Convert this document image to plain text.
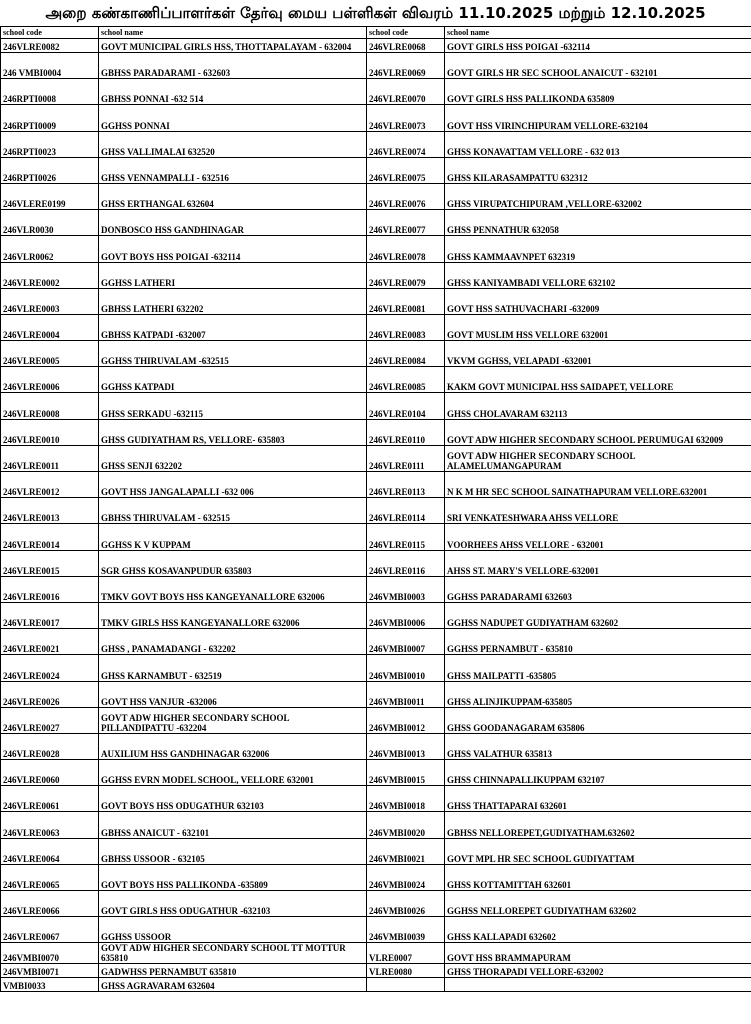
அறை கண்காணிப்பாளர்கள் தேர்வு மைய பள்ளிகள் விவரம் 11.10.2025 மற்றும் 12.10.2025
school code	school name	school code	school name
246VLRE0082	GOVT MUNICIPAL GIRLS HSS, THOTTAPALAYAM - 632004	246VLRE0068	GOVT GIRLS HSS POIGAI -632114
246 VMBI0004	GBHSS PARADARAMI - 632603	246VLRE0069	GOVT GIRLS HR SEC SCHOOL ANAICUT - 632101
246RPTI0008	GBHSS PONNAI -632 514	246VLRE0070	GOVT GIRLS HSS PALLIKONDA 635809
246RPTI0009	GGHSS PONNAI	246VLRE0073	GOVT HSS VIRINCHIPURAM VELLORE-632104
246RPTI0023	GHSS VALLIMALAI 632520	246VLRE0074	GHSS KONAVATTAM VELLORE - 632 013
246RPTI0026	GHSS VENNAMPALLI - 632516	246VLRE0075	GHSS KILARASAMPATTU 632312
246VLERE0199	GHSS ERTHANGAL 632604	246VLRE0076	GHSS VIRUPATCHIPURAM ,VELLORE-632002
246VLR0030	DONBOSCO HSS GANDHINAGAR	246VLRE0077	GHSS PENNATHUR 632058
246VLR0062	GOVT BOYS HSS POIGAI -632114	246VLRE0078	GHSS KAMMAAVNPET 632319
246VLRE0002	GGHSS LATHERI	246VLRE0079	GHSS KANIYAMBADI VELLORE 632102
246VLRE0003	GBHSS LATHERI 632202	246VLRE0081	GOVT HSS SATHUVACHARI -632009
246VLRE0004	GBHSS KATPADI -632007	246VLRE0083	GOVT MUSLIM HSS VELLORE 632001
246VLRE0005	GGHSS THIRUVALAM -632515	246VLRE0084	VKVM GGHSS, VELAPADI -632001
246VLRE0006	GGHSS KATPADI	246VLRE0085	KAKM GOVT MUNICIPAL HSS SAIDAPET, VELLORE
246VLRE0008	GHSS SERKADU -632115	246VLRE0104	GHSS CHOLAVARAM 632113
246VLRE0010	GHSS GUDIYATHAM RS, VELLORE- 635803	246VLRE0110	GOVT ADW HIGHER SECONDARY SCHOOL PERUMUGAI 632009
246VLRE0011	GHSS SENJI 632202	246VLRE0111	GOVT ADW HIGHER SECONDARY SCHOOL ALAMELUMANGAPURAM
246VLRE0012	GOVT HSS JANGALAPALLI -632 006	246VLRE0113	N K M HR SEC SCHOOL SAINATHAPURAM VELLORE.632001
246VLRE0013	GBHSS THIRUVALAM - 632515	246VLRE0114	SRI VENKATESHWARA AHSS VELLORE
246VLRE0014	GGHSS K V KUPPAM	246VLRE0115	VOORHEES AHSS VELLORE - 632001
246VLRE0015	SGR GHSS KOSAVANPUDUR 635803	246VLRE0116	AHSS ST. MARY'S VELLORE-632001
246VLRE0016	TMKV GOVT BOYS HSS KANGEYANALLORE 632006	246VMBI0003	GGHSS PARADARAMI 632603
246VLRE0017	TMKV GIRLS HSS KANGEYANALLORE 632006	246VMBI0006	GGHSS NADUPET GUDIYATHAM 632602
246VLRE0021	GHSS , PANAMADANGI - 632202	246VMBI0007	GGHSS PERNAMBUT - 635810
246VLRE0024	GHSS KARNAMBUT - 632519	246VMBI0010	GHSS MAILPATTI -635805
246VLRE0026	GOVT HSS VANJUR -632006	246VMBI0011	GHSS ALINJIKUPPAM-635805
246VLRE0027	GOVT ADW HIGHER SECONDARY SCHOOL PILLANDIPATTU -632204	246VMBI0012	GHSS GOODANAGARAM 635806
246VLRE0028	AUXILIUM HSS GANDHINAGAR 632006	246VMBI0013	GHSS VALATHUR 635813
246VLRE0060	GGHSS EVRN MODEL SCHOOL, VELLORE 632001	246VMBI0015	GHSS CHINNAPALLIKUPPAM 632107
246VLRE0061	GOVT BOYS HSS ODUGATHUR 632103	246VMBI0018	GHSS THATTAPARAI 632601
246VLRE0063	GBHSS ANAICUT - 632101	246VMBI0020	GBHSS NELLOREPET,GUDIYATHAM.632602
246VLRE0064	GBHSS USSOOR - 632105	246VMBI0021	GOVT MPL HR SEC SCHOOL GUDIYATTAM
246VLRE0065	GOVT BOYS HSS PALLIKONDA -635809	246VMBI0024	GHSS KOTTAMITTAH 632601
246VLRE0066	GOVT GIRLS HSS ODUGATHUR -632103	246VMBI0026	GGHSS NELLOREPET GUDIYATHAM 632602
246VLRE0067	GGHSS USSOOR	246VMBI0039	GHSS KALLAPADI 632602
246VMBI0070	GOVT ADW HIGHER SECONDARY SCHOOL TT MOTTUR 635810	VLRE0007	GOVT HSS BRAMMAPURAM
246VMBI0071	GADWHSS PERNAMBUT 635810	VLRE0080	GHSS THORAPADI VELLORE-632002
VMBI0033	GHSS AGRAVARAM 632604		
